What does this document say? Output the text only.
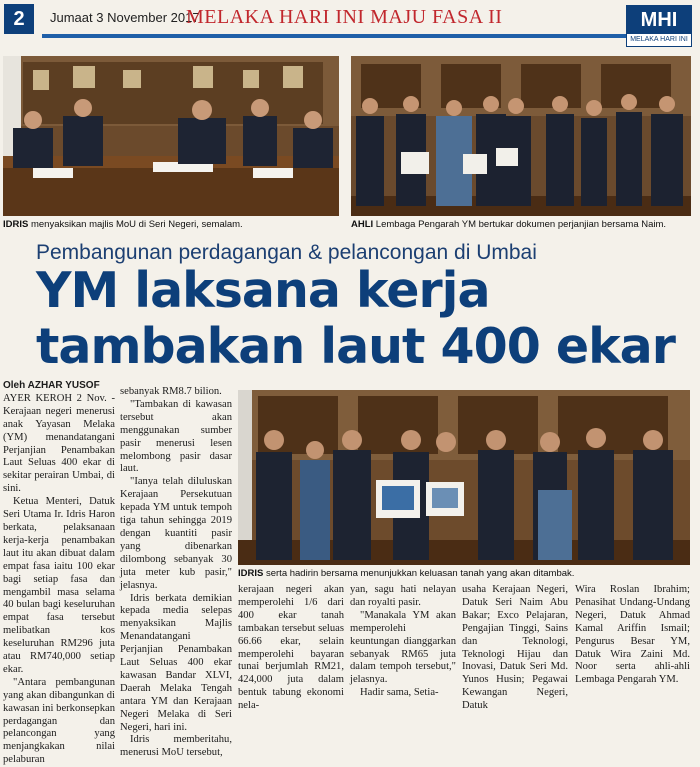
2	Jumaat 3 November 2017
MELAKA HARI INI MAJU FASA II	MHI
MELAKA HARI INI
IDRIS menyaksikan majlis MoU di Seri Negeri, semalam.	AHLI Lembaga Pengarah YM bertukar dokumen perjanjian bersama Naim.
Pembangunan perdagangan & pelancongan di Umbai
YM laksana kerja
tambakan laut 400 ekar
Oleh AZHAR YUSOF

AYER KEROH 2 Nov. - Kerajaan negeri menerusi anak Yayasan Melaka (YM) menandatangani Perjanjian Penambakan Laut Seluas 400 ekar di sekitar perairan Umbai, di sini.

Ketua Menteri, Datuk Seri Utama Ir. Idris Haron berkata, pelaksanaan kerja-kerja penambakan laut itu akan dibuat dalam empat fasa iaitu 100 ekar bagi setiap fasa dan mengambil masa selama 40 bulan bagi keseluruhan empat fasa tersebut melibatkan kos keseluruhan RM296 juta atau RM740,000 setiap ekar.

"Antara pembangunan yang akan dibangunkan di kawasan ini berkonsepkan perdagangan dan pelancongan yang menjangkakan nilai pelaburan

sebanyak RM8.7 bilion.

"Tambakan di kawasan tersebut akan menggunakan sumber pasir menerusi lesen melombong pasir dasar laut.

"Ianya telah diluluskan Kerajaan Persekutuan kepada YM untuk tempoh tiga tahun sehingga 2019 dengan kuantiti pasir yang dibenarkan dilombong sebanyak 30 juta meter kub pasir," jelasnya.

Idris berkata demikian kepada media selepas menyaksikan Majlis Menandatangani Perjanjian Penambakan Laut Seluas 400 ekar kawasan Bandar XLVI, Daerah Melaka Tengah antara YM dan Kerajaan Negeri Melaka di Seri Negeri, hari ini.

Idris memberitahu, menerusi MoU tersebut,

IDRIS serta hadirin bersama menunjukkan keluasan tanah yang akan ditambak.

kerajaan negeri akan memperolehi 1/6 dari 400 ekar tanah tambakan tersebut seluas 66.66 ekar, selain memperolehi bayaran tunai berjumlah RM21, 424,000 juta dalam bentuk tabung ekonomi nela-

yan, sagu hati nelayan dan royalti pasir.

"Manakala YM akan memperolehi keuntungan dianggarkan sebanyak RM65 juta dalam tempoh tersebut," jelasnya.

Hadir sama, Setia-

usaha Kerajaan Negeri, Datuk Seri Naim Abu Bakar; Exco Pelajaran, Pengajian Tinggi, Sains dan Teknologi, Teknologi Hijau dan Inovasi, Datuk Seri Md. Yunos Husin; Pegawai Kewangan Negeri, Datuk

Wira Roslan Ibrahim; Penasihat Undang-Undang Negeri, Datuk Ahmad Kamal Ariffin Ismail; Pengurus Besar YM, Datuk Wira Zaini Md. Noor serta ahli-ahli Lembaga Pengarah YM.
